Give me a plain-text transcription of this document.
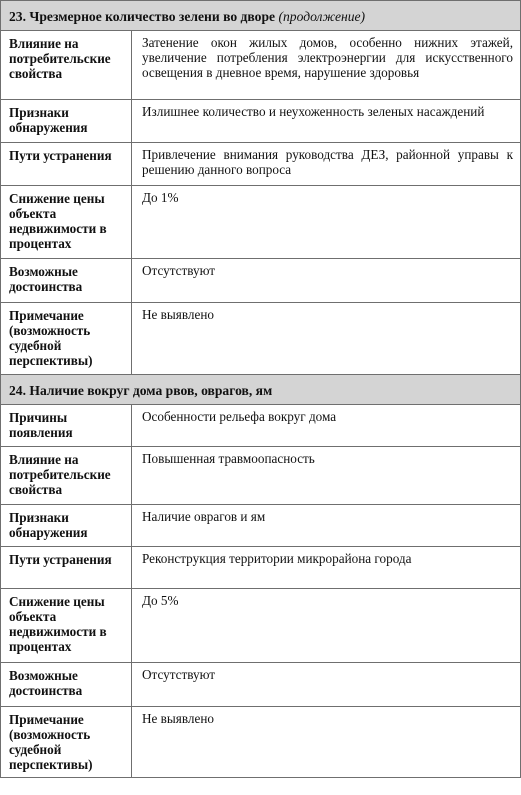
23. Чрезмерное количество зелени во дворе (продолжение)	
Влияние на потребительские свойства	Затенение окон жилых домов, особенно нижних этажей, увеличение потребления электроэнергии для искусственного освещения в дневное время, нарушение здоровья
Признаки обнаружения	Излишнее количество и неухоженность зеленых насаждений
Пути устранения	Привлечение внимания руководства ДЕЗ, районной управы к решению данного вопроса
Снижение цены объекта недвижимости в процентах	До 1%
Возможные достоинства	Отсутствуют
Примечание (возможность судебной перспективы)	Не выявлено
24. Наличие вокруг дома рвов, оврагов, ям	
Причины появления	Особенности рельефа вокруг дома
Влияние на потребительские свойства	Повышенная травмоопасность
Признаки обнаружения	Наличие оврагов и ям
Пути устранения	Реконструкция территории микрорайона города
Снижение цены объекта недвижимости в процентах	До 5%
Возможные достоинства	Отсутствуют
Примечание (возможность судебной перспективы)	Не выявлено
